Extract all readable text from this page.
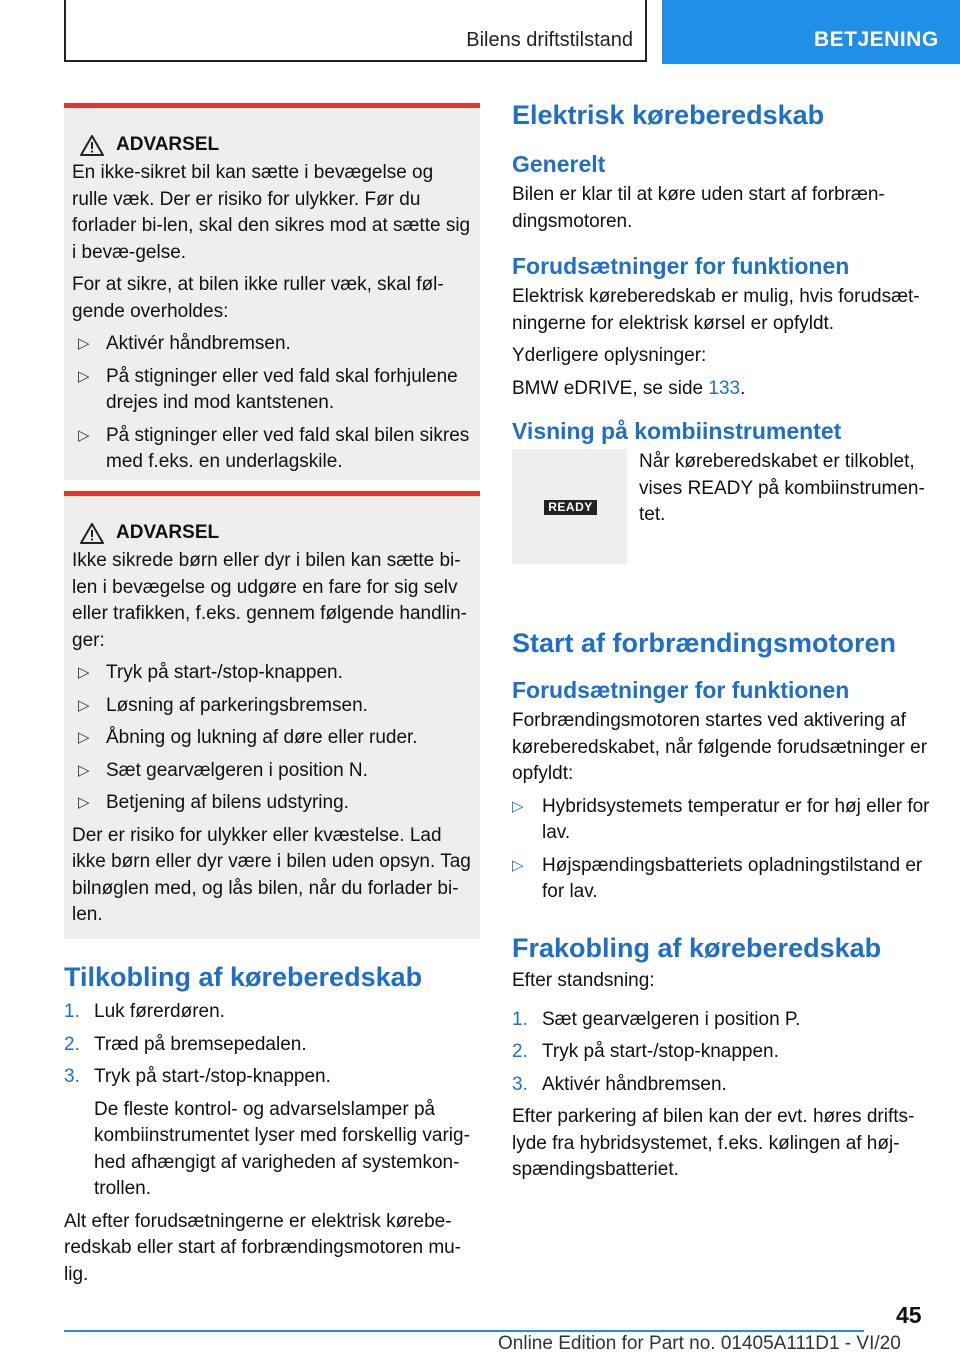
Bilens driftstilstand	BETJENING
ADVARSEL
En ikke-sikret bil kan sætte i bevægelse og rulle væk. Der er risiko for ulykker. Før du forlader bi-len, skal den sikres mod at sætte sig i bevæ-gelse.
For at sikre, at bilen ikke ruller væk, skal føl-gende overholdes:
▷ Aktivér håndbremsen.
▷ På stigninger eller ved fald skal forhjulene drejes ind mod kantstenen.
▷ På stigninger eller ved fald skal bilen sikres med f.eks. en underlagskile.
ADVARSEL
Ikke sikrede børn eller dyr i bilen kan sætte bi-len i bevægelse og udgøre en fare for sig selv eller trafikken, f.eks. gennem følgende handlin-ger:
▷ Tryk på start-/stop-knappen.
▷ Løsning af parkeringsbremsen.
▷ Åbning og lukning af døre eller ruder.
▷ Sæt gearvælgeren i position N.
▷ Betjening af bilens udstyring.
Der er risiko for ulykker eller kvæstelse. Lad ikke børn eller dyr være i bilen uden opsyn. Tag bilnøglen med, og lås bilen, når du forlader bi-len.
Tilkobling af køreberedskab
1. Luk førerdøren.
2. Træd på bremsepedalen.
3. Tryk på start-/stop-knappen.
De fleste kontrol- og advarselslamper på kombiinstrumentet lyser med forskellig varig-hed afhængigt af varigheden af systemkon-trollen.
Alt efter forudsætningerne er elektrisk kørebe-redskab eller start af forbrændingsmotoren mu-lig.
Elektrisk køreberedskab
Generelt
Bilen er klar til at køre uden start af forbræn-dingsmotoren.
Forudsætninger for funktionen
Elektrisk køreberedskab er mulig, hvis forudsæt-ningerne for elektrisk kørsel er opfyldt.
Yderligere oplysninger:
BMW eDRIVE, se side 133.
Visning på kombiinstrumentet
READY
Når køreberedskabet er tilkoblet, vises READY på kombiinstrumen-tet.
Start af forbrændingsmotoren
Forudsætninger for funktionen
Forbrændingsmotoren startes ved aktivering af køreberedskabet, når følgende forudsætninger er opfyldt:
▷ Hybridsystemets temperatur er for høj eller for lav.
▷ Højspændingsbatteriets opladningstilstand er for lav.
Frakobling af køreberedskab
Efter standsning:
1. Sæt gearvælgeren i position P.
2. Tryk på start-/stop-knappen.
3. Aktivér håndbremsen.
Efter parkering af bilen kan der evt. høres drifts-lyde fra hybridsystemet, f.eks. kølingen af høj-spændingsbatteriet.
45
Online Edition for Part no. 01405A111D1 - VI/20
